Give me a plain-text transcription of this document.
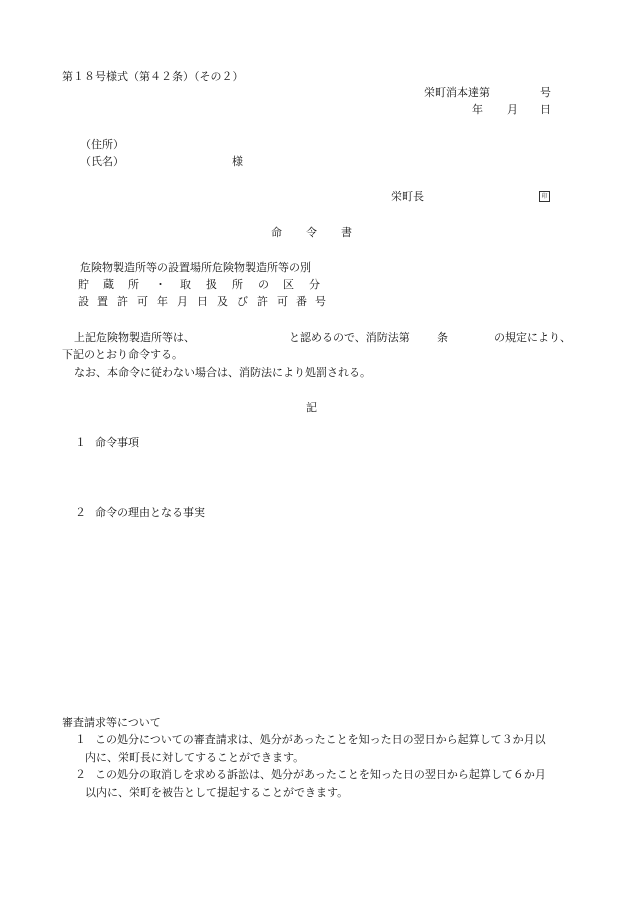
第１８号様式（第４２条）（その２）
栄町消本達第	号
年 月 日
（住所）
（氏名）	様
栄町長	印
命 令 書
危険物製造所等の設置場所危険物製造所等の別
貯 蔵 所 ・ 取 扱 所 の 区 分
設 置 許 可 年 月 日 及 び 許 可 番 号
上記危険物製造所等は、	と認めるので、消防法第 条	の規定により、
下記のとおり命令する。
なお、本命令に従わない場合は、消防法により処罰される。
記
１ 命令事項
２ 命令の理由となる事実
審査請求等について
１ この処分についての審査請求は、処分があったことを知った日の翌日から起算して３か月以
内に、栄町長に対してすることができます。
２ この処分の取消しを求める訴訟は、処分があったことを知った日の翌日から起算して６か月
以内に、栄町を被告として提起することができます。
